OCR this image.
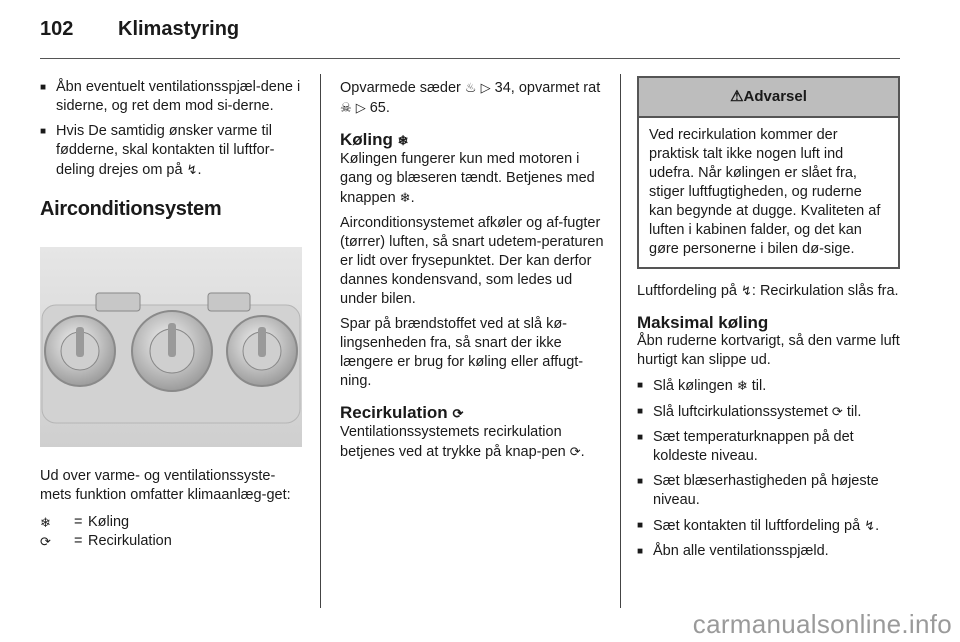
102 Klimastyring
■ Åbn eventuelt ventilationsspjæl-dene i siderne, og ret dem mod si-derne.
■ Hvis De samtidig ønsker varme til fødderne, skal kontakten til luftfor-deling drejes om på ↯.
Airconditionsystem

Ud over varme- og ventilationssyste-mets funktion omfatter klimaanlæg-get:

❄	= Køling
⟳	= Recirkulation

Opvarmede sæder ♨ ▷ 34, opvarmet rat ☠ ▷ 65.

Køling ❄

Kølingen fungerer kun med motoren i gang og blæseren tændt. Betjenes med knappen ❄.

Airconditionsystemet afkøler og af-fugter (tørrer) luften, så snart udetem-peraturen er lidt over frysepunktet. Der kan derfor dannes kondensvand, som ledes ud under bilen.

Spar på brændstoffet ved at slå kø-lingsenheden fra, så snart der ikke længere er brug for køling eller affugt-ning.

Recirkulation ⟳

Ventilationssystemets recirkulation betjenes ved at trykke på knap-pen ⟳.

⚠Advarsel
Ved recirkulation kommer der praktisk talt ikke nogen luft ind udefra. Når kølingen er slået fra, stiger luftfugtigheden, og ruderne kan begynde at dugge. Kvaliteten af luften i kabinen falder, og det kan gøre personerne i bilen dø-sige.

Luftfordeling på ↯: Recirkulation slås fra.

Maksimal køling

Åbn ruderne kortvarigt, så den varme luft hurtigt kan slippe ud.

■ Slå kølingen ❄ til.
■ Slå luftcirkulationssystemet ⟳ til.
■ Sæt temperaturknappen på det koldeste niveau.
■ Sæt blæserhastigheden på højeste niveau.
■ Sæt kontakten til luftfordeling på ↯.
■ Åbn alle ventilationsspjæld.
carmanualsonline.info
